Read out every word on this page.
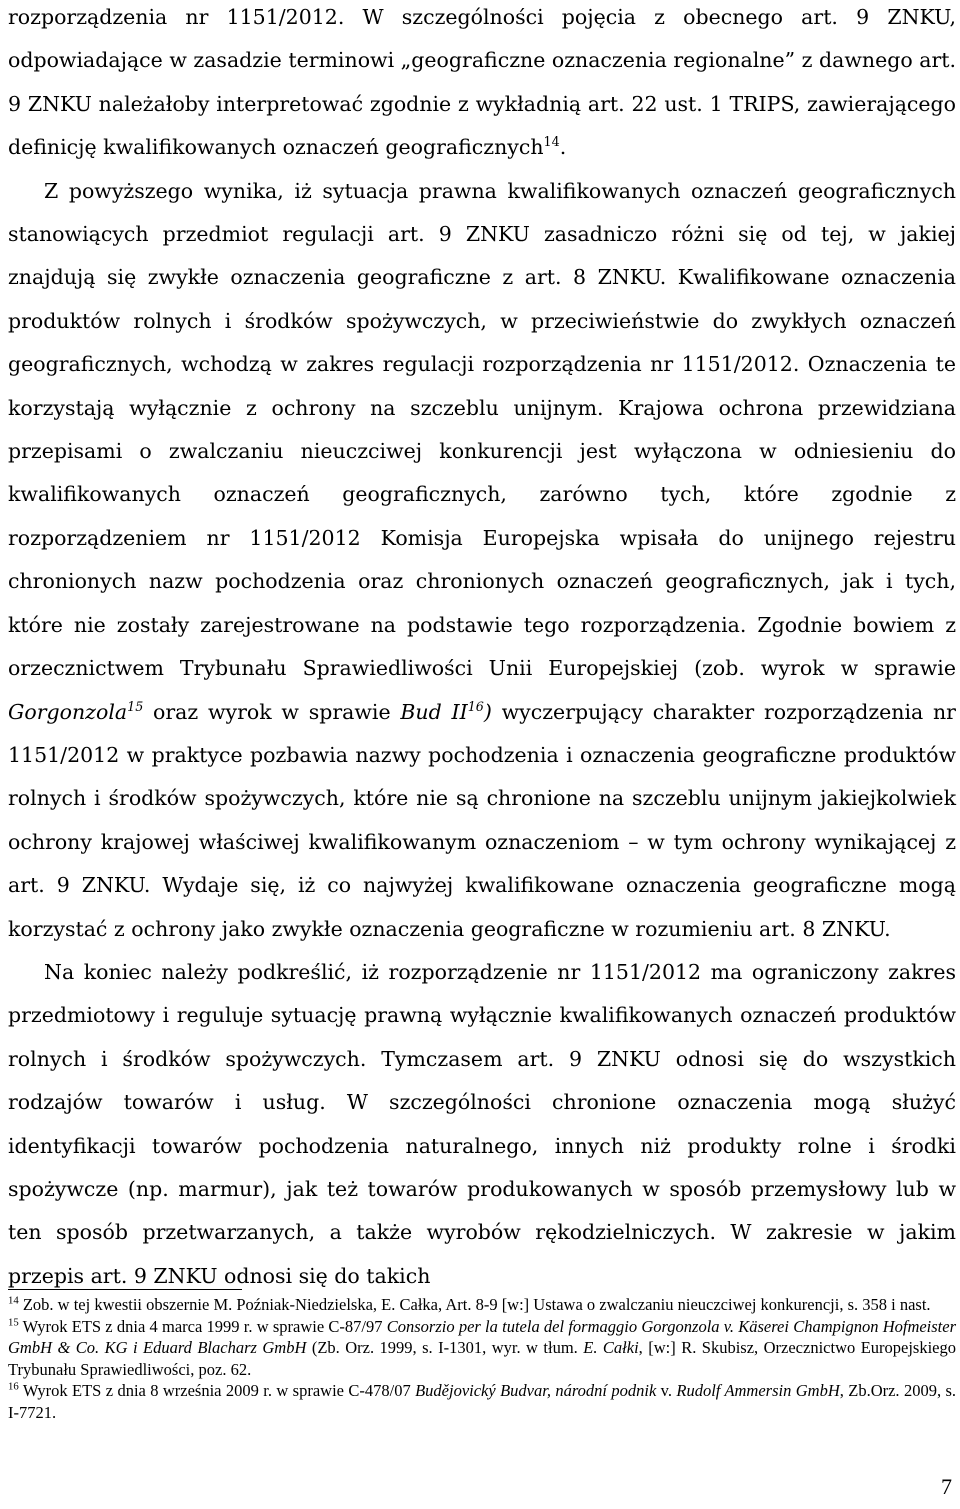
rozporządzenia nr 1151/2012. W szczególności pojęcia z obecnego art. 9 ZNKU, odpowiadające w zasadzie terminowi „geograficzne oznaczenia regionalne” z dawnego art. 9 ZNKU należałoby interpretować zgodnie z wykładnią art. 22 ust. 1 TRIPS, zawierającego definicję kwalifikowanych oznaczeń geograficznych$^{14}$.

Z powyższego wynika, iż sytuacja prawna kwalifikowanych oznaczeń geograficznych stanowiących przedmiot regulacji art. 9 ZNKU zasadniczo różni się od tej, w jakiej znajdują się zwykłe oznaczenia geograficzne z art. 8 ZNKU. Kwalifikowane oznaczenia produktów rolnych i środków spożywczych, w przeciwieństwie do zwykłych oznaczeń geograficznych, wchodzą w zakres regulacji rozporządzenia nr 1151/2012. Oznaczenia te korzystają wyłącznie z ochrony na szczeblu unijnym. Krajowa ochrona przewidziana przepisami o zwalczaniu nieuczciwej konkurencji jest wyłączona w odniesieniu do kwalifikowanych oznaczeń geograficznych, zarówno tych, które zgodnie z rozporządzeniem nr 1151/2012 Komisja Europejska wpisała do unijnego rejestru chronionych nazw pochodzenia oraz chronionych oznaczeń geograficznych, jak i tych, które nie zostały zarejestrowane na podstawie tego rozporządzenia. Zgodnie bowiem z orzecznictwem Trybunału Sprawiedliwości Unii Europejskiej (zob. wyrok w sprawie Gorgonzola$^{15}$ oraz wyrok w sprawie Bud II$^{16}$) wyczerpujący charakter rozporządzenia nr 1151/2012 w praktyce pozbawia nazwy pochodzenia i oznaczenia geograficzne produktów rolnych i środków spożywczych, które nie są chronione na szczeblu unijnym jakiejkolwiek ochrony krajowej właściwej kwalifikowanym oznaczeniom – w tym ochrony wynikającej z art. 9 ZNKU. Wydaje się, iż co najwyżej kwalifikowane oznaczenia geograficzne mogą korzystać z ochrony jako zwykłe oznaczenia geograficzne w rozumieniu art. 8 ZNKU.

Na koniec należy podkreślić, iż rozporządzenie nr 1151/2012 ma ograniczony zakres przedmiotowy i reguluje sytuację prawną wyłącznie kwalifikowanych oznaczeń produktów rolnych i środków spożywczych. Tymczasem art. 9 ZNKU odnosi się do wszystkich rodzajów towarów i usług. W szczególności chronione oznaczenia mogą służyć identyfikacji towarów pochodzenia naturalnego, innych niż produkty rolne i środki spożywcze (np. marmur), jak też towarów produkowanych w sposób przemysłowy lub w ten sposób przetwarzanych, a także wyrobów rękodzielniczych. W zakresie w jakim przepis art. 9 ZNKU odnosi się do takich

$^{14}$ Zob. w tej kwestii obszernie M. Poźniak-Niedzielska, E. Całka, Art. 8-9 [w:] Ustawa o zwalczaniu nieuczciwej konkurencji, s. 358 i nast.

$^{15}$ Wyrok ETS z dnia 4 marca 1999 r. w sprawie C-87/97 Consorzio per la tutela del formaggio Gorgonzola v. Käserei Champignon Hofmeister GmbH & Co. KG i Eduard Blacharz GmbH (Zb. Orz. 1999, s. I-1301, wyr. w tłum. E. Całki, [w:] R. Skubisz, Orzecznictwo Europejskiego Trybunału Sprawiedliwości, poz. 62.

$^{16}$ Wyrok ETS z dnia 8 września 2009 r. w sprawie C-478/07 Budějovický Budvar, národní podnik v. Rudolf Ammersin GmbH, Zb.Orz. 2009, s. I-7721.

7
